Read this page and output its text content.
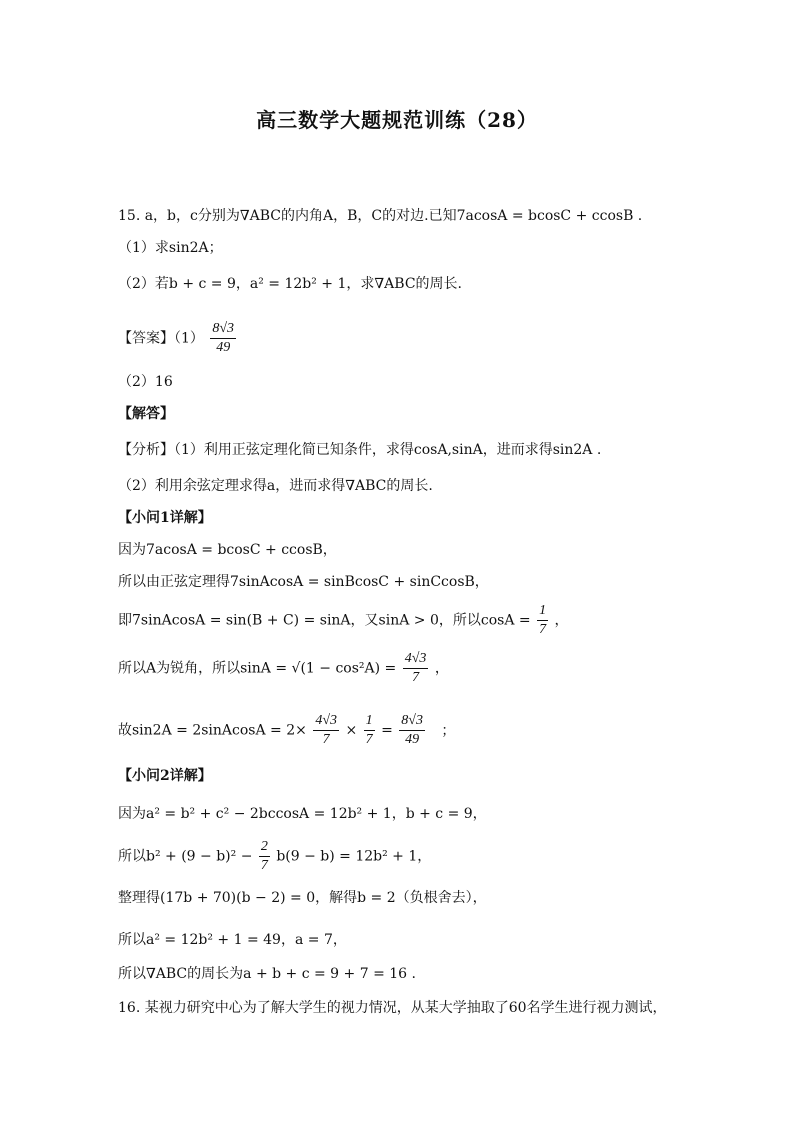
高三数学大题规范训练（28）
15. a，b，c分别为∇ABC的内角A，B，C的对边.已知7acosA = bcosC + ccosB .
（1）求sin2A；
（2）若b + c = 9，a² = 12b² + 1，求∇ABC的周长.
【答案】$(1) \frac{8√3}{49}$
（2）16
【解答】
【分析】（1）利用正弦定理化简已知条件，求得cosA,sinA，进而求得sin2A .
（2）利用余弦定理求得a，进而求得∇ABC的周长.
【小问1详解】
因为7acosA = bcosC + ccosB，
所以由正弦定理得7sinAcosA = sinBcosC + sinCcosB，
即7sinAcosA = sin(B + C) = sinA，又sinA > 0，所以$\cos A = \frac{1}{7}$ ，
所以A为锐角，所以$\sin A = √(1 - \cos^2A) = \frac{4√3}{7}$ ，
故sin2A = 2sinAcosA = $2\times \frac{4√3}{7} \times \frac{1}{7} = \frac{8√3}{49}$ ；
【小问2详解】
因为a² = b² + c² − 2bccosA = 12b² + 1，b + c = 9，
所以$b^2 + (9 - b)^2 - \frac{2}{7} b(9 - b) = 12b^2 + 1$，
整理得(17b + 70)(b − 2) = 0，解得b = 2（负根舍去），
所以a² = 12b² + 1 = 49，a = 7，
所以∇ABC的周长为a + b + c = 9 + 7 = 16 .
16. 某视力研究中心为了解大学生的视力情况，从某大学抽取了60名学生进行视力测试，
